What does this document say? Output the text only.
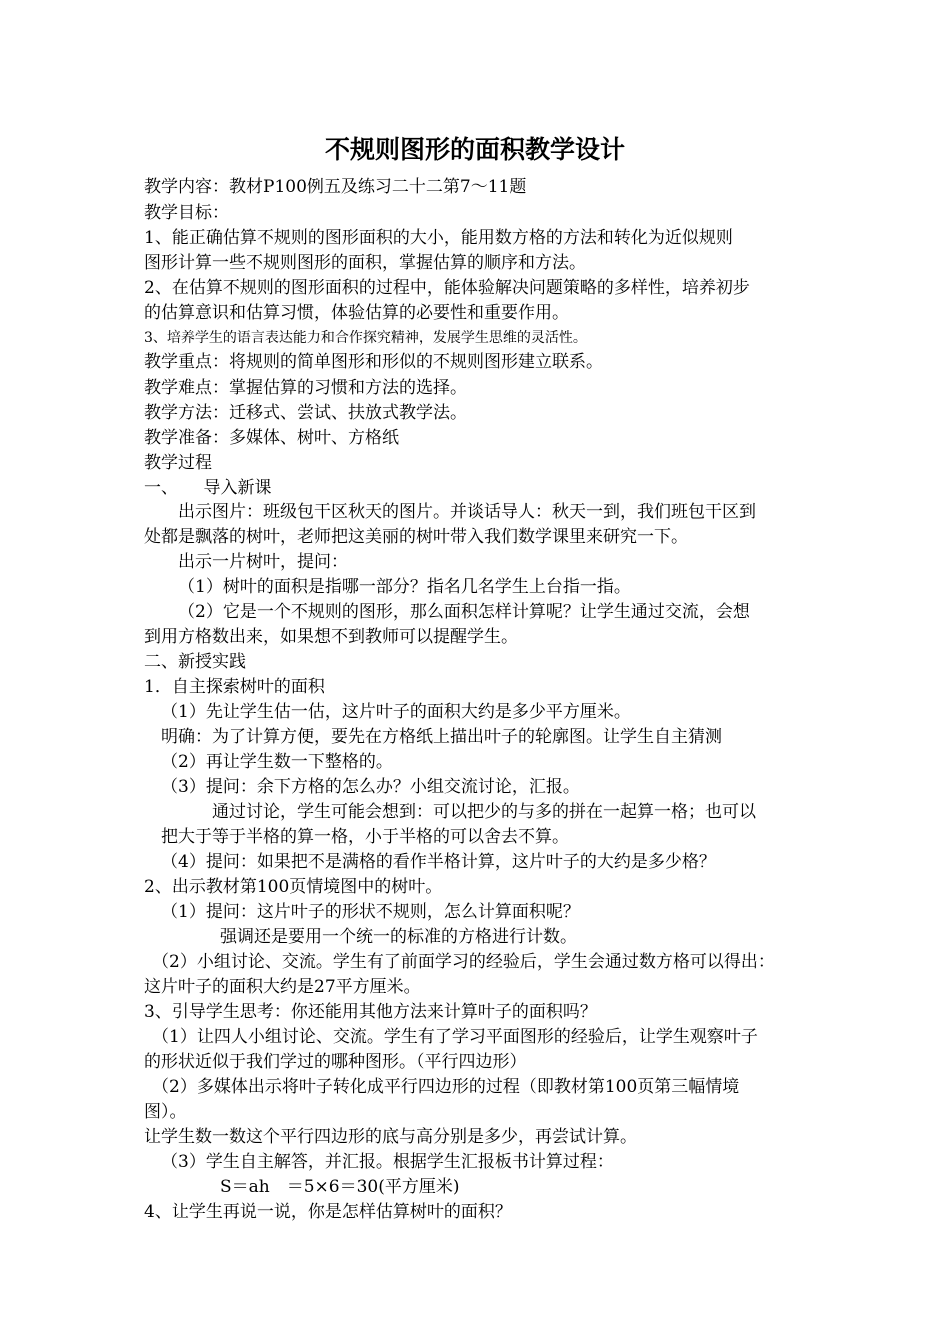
不规则图形的面积教学设计
教学内容：教材P100例五及练习二十二第7～11题
教学目标：
1、能正确估算不规则的图形面积的大小，能用数方格的方法和转化为近似规则
图形计算一些不规则图形的面积，掌握估算的顺序和方法。
2、在估算不规则的图形面积的过程中，能体验解决问题策略的多样性，培养初步
的估算意识和估算习惯，体验估算的必要性和重要作用。
3、培养学生的语言表达能力和合作探究精神，发展学生思维的灵活性。
教学重点：将规则的简单图形和形似的不规则图形建立联系。
教学难点：掌握估算的习惯和方法的选择。
教学方法：迁移式、尝试、扶放式教学法。
教学准备：多媒体、树叶、方格纸
教学过程
一、　　导入新课
出示图片：班级包干区秋天的图片。并谈话导人：秋天一到，我们班包干区到
处都是飘落的树叶，老师把这美丽的树叶带入我们数学课里来研究一下。
出示一片树叶，提问：
（1）树叶的面积是指哪一部分？指名几名学生上台指一指。
（2）它是一个不规则的图形，那么面积怎样计算呢？让学生通过交流，会想
到用方格数出来，如果想不到教师可以提醒学生。
二、新授实践
1．自主探索树叶的面积
（1）先让学生估一估，这片叶子的面积大约是多少平方厘米。
明确：为了计算方便，要先在方格纸上描出叶子的轮廓图。让学生自主猜测
（2）再让学生数一下整格的。
（3）提问：余下方格的怎么办？小组交流讨论，汇报。
通过讨论，学生可能会想到：可以把少的与多的拼在一起算一格；也可以
把大于等于半格的算一格，小于半格的可以舍去不算。
（4）提问：如果把不是满格的看作半格计算，这片叶子的大约是多少格？
2、出示教材第100页情境图中的树叶。
（1）提问：这片叶子的形状不规则，怎么计算面积呢？
强调还是要用一个统一的标准的方格进行计数。
（2）小组讨论、交流。学生有了前面学习的经验后，学生会通过数方格可以得出：
这片叶子的面积大约是27平方厘米。
3、引导学生思考：你还能用其他方法来计算叶子的面积吗？
（1）让四人小组讨论、交流。学生有了学习平面图形的经验后，让学生观察叶子
的形状近似于我们学过的哪种图形。（平行四边形）
（2）多媒体出示将叶子转化成平行四边形的过程（即教材第100页第三幅情境
图）。
让学生数一数这个平行四边形的底与高分别是多少，再尝试计算。
（3）学生自主解答，并汇报。根据学生汇报板书计算过程：
S＝ah　＝5×6＝30(平方厘米)
4、让学生再说一说，你是怎样估算树叶的面积？
